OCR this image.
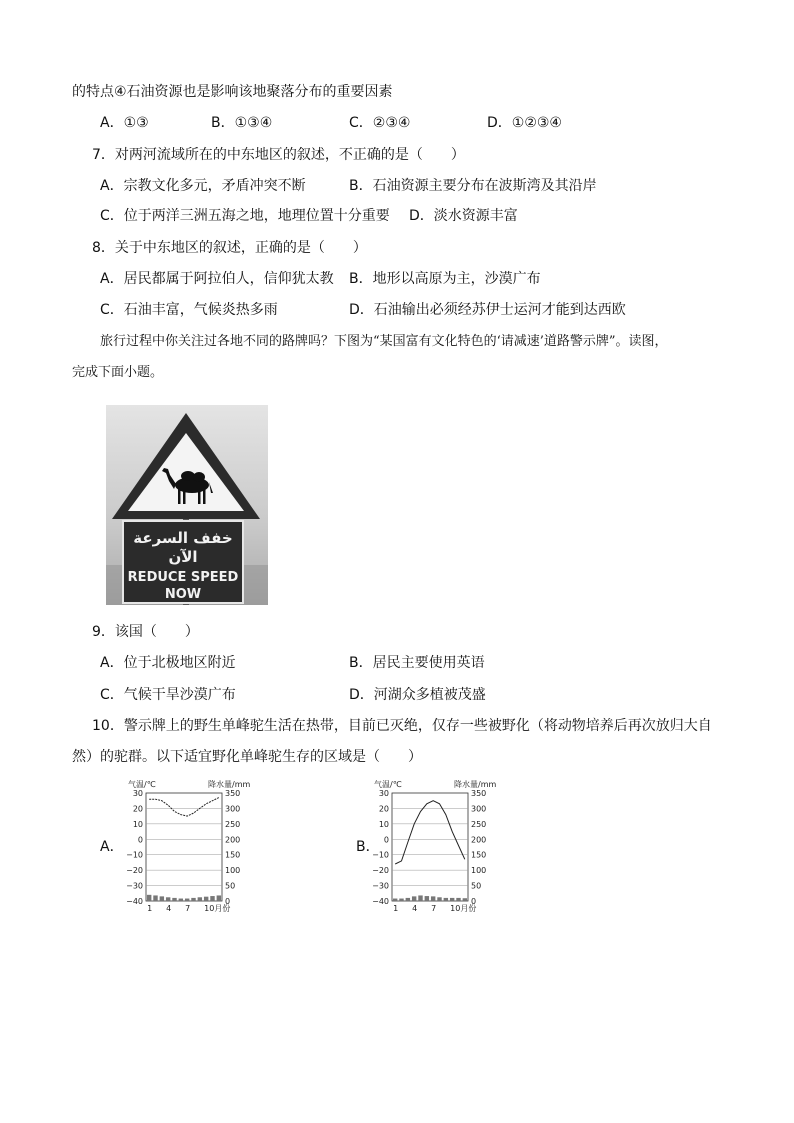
的特点④石油资源也是影响该地聚落分布的重要因素
A．①③	B．①③④	C．②③④	D．①②③④
7．对两河流域所在的中东地区的叙述，不正确的是（　　）
A．宗教文化多元，矛盾冲突不断	B．石油资源主要分布在波斯湾及其沿岸
C．位于两洋三洲五海之地，地理位置十分重要 D．淡水资源丰富
8．关于中东地区的叙述，正确的是（　　）
A．居民都属于阿拉伯人，信仰犹太教 B．地形以高原为主，沙漠广布
C．石油丰富，气候炎热多雨	D．石油输出必须经苏伊士运河才能到达西欧
旅行过程中你关注过各地不同的路牌吗？下图为“某国富有文化特色的‘请减速’道路警示牌”。读图，
完成下面小题。
خفف السرعة
الآن
REDUCE SPEED
NOW
9．该国（　　）
A．位于北极地区附近	B．居民主要使用英语
C．气候干旱沙漠广布	D．河湖众多植被茂盛
10．警示牌上的野生单峰驼生活在热带，目前已灭绝，仅存一些被野化（将动物培养后再次放归大自
然）的驼群。以下适宜野化单峰驼生存的区域是（　　）
A．	B．
气温/℃	降水量/mm
30
20
10
0
−10
−20
−30
−40
350
300
250
200
150
100
50
0
1 4 7 10月份
气温/℃	降水量/mm
30
20
10
0
−10
−20
−30
−40
350
300
250
200
150
100
50
0
1 4 7 10月份
